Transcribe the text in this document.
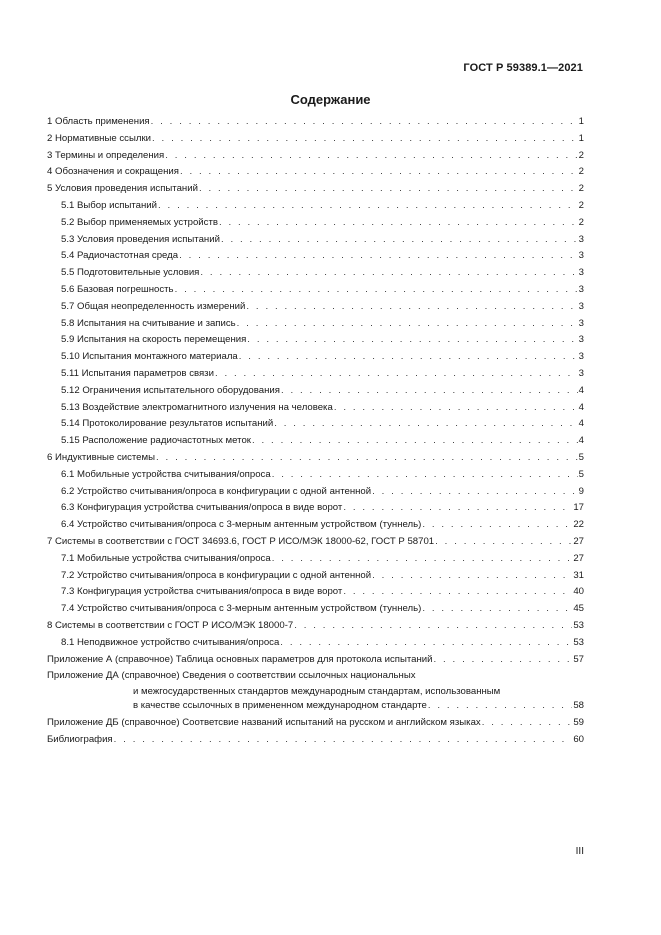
ГОСТ Р 59389.1—2021
Содержание
1 Область применения . . .	1
2 Нормативные ссылки . . .	1
3 Термины и определения . . .	2
4 Обозначения и сокращения . . .	2
5 Условия проведения испытаний . . .	2
5.1 Выбор испытаний . . .	2
5.2 Выбор применяемых устройств . . .	2
5.3 Условия проведения испытаний . . .	3
5.4 Радиочастотная среда . . .	3
5.5 Подготовительные условия . . .	3
5.6 Базовая погрешность . . .	3
5.7 Общая неопределенность измерений . . .	3
5.8 Испытания на считывание и запись . . .	3
5.9 Испытания на скорость перемещения . . .	3
5.10 Испытания монтажного материала . . .	3
5.11 Испытания параметров связи . . .	3
5.12 Ограничения испытательного оборудования . . .	4
5.13 Воздействие электромагнитного излучения на человека . . .	4
5.14 Протоколирование результатов испытаний . . .	4
5.15 Расположение радиочастотных меток . . .	4
6 Индуктивные системы . . .	5
6.1 Мобильные устройства считывания/опроса . . .	5
6.2 Устройство считывания/опроса в конфигурации с одной антенной . . .	9
6.3 Конфигурация устройства считывания/опроса в виде ворот . . .	17
6.4 Устройство считывания/опроса с 3-мерным антенным устройством (туннель) . . .	22
7 Системы в соответствии с ГОСТ 34693.6, ГОСТ Р ИСО/МЭК 18000-62, ГОСТ Р 58701 . . .	27
7.1 Мобильные устройства считывания/опроса . . .	27
7.2 Устройство считывания/опроса в конфигурации с одной антенной . . .	31
7.3 Конфигурация устройства считывания/опроса в виде ворот . . .	40
7.4 Устройство считывания/опроса с 3-мерным антенным устройством (туннель) . . .	45
8 Системы в соответствии с ГОСТ Р ИСО/МЭК 18000-7 . . .	53
8.1 Неподвижное устройство считывания/опроса . . .	53
Приложение А (справочное) Таблица основных параметров для протокола испытаний . . .	57
Приложение ДА (справочное) Сведения о соответствии ссылочных национальных
и межгосударственных стандартов международным стандартам, использованным
в качестве ссылочных в примененном международном стандарте . . .	58
Приложение ДБ (справочное) Соответсвие названий испытаний на русском и английском языках . . .	59
Библиография . . .	60
III
